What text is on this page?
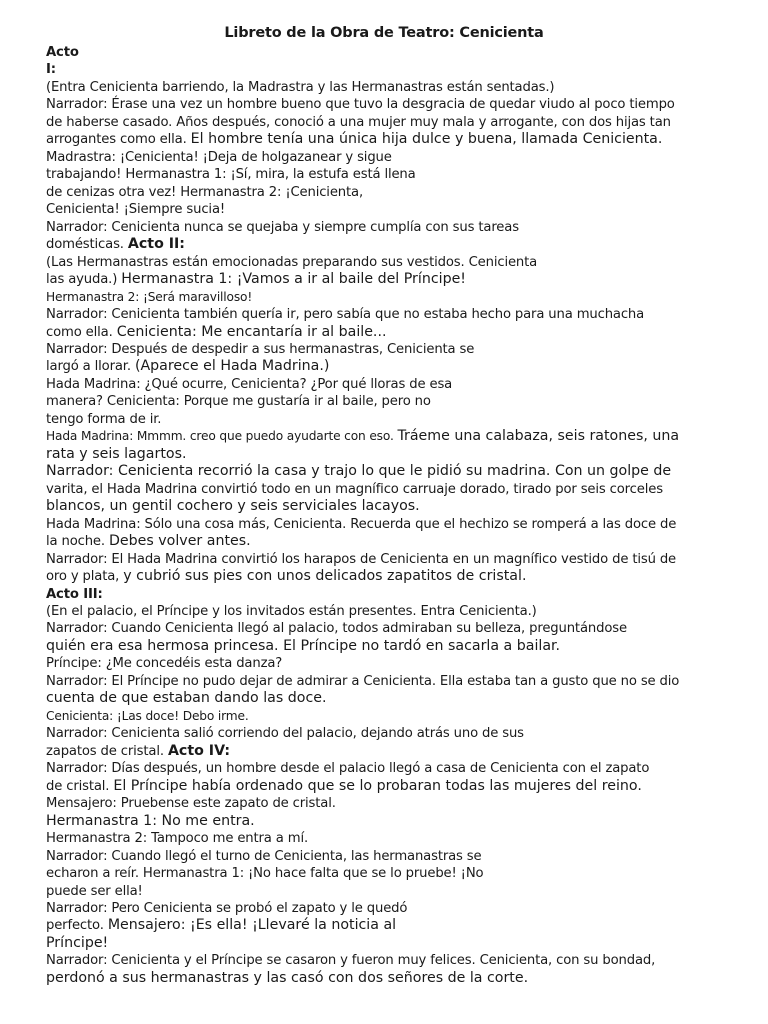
Libreto de la Obra de Teatro: Cenicienta
Acto
I:
(Entra Cenicienta barriendo, la Madrastra y las Hermanastras están sentadas.)
Narrador: Érase una vez un hombre bueno que tuvo la desgracia de quedar viudo al poco tiempo
de haberse casado. Años después, conoció a una mujer muy mala y arrogante, con dos hijas tan
arrogantes como ella. El hombre tenía una única hija dulce y buena, llamada Cenicienta.
Madrastra: ¡Cenicienta! ¡Deja de holgazanear y sigue
trabajando! Hermanastra 1: ¡Sí, mira, la estufa está llena
de cenizas otra vez! Hermanastra 2: ¡Cenicienta,
Cenicienta! ¡Siempre sucia!
Narrador: Cenicienta nunca se quejaba y siempre cumplía con sus tareas
domésticas. Acto II:
(Las Hermanastras están emocionadas preparando sus vestidos. Cenicienta
las ayuda.) Hermanastra 1: ¡Vamos a ir al baile del Príncipe!
Hermanastra 2: ¡Será maravilloso!
Narrador: Cenicienta también quería ir, pero sabía que no estaba hecho para una muchacha
como ella. Cenicienta: Me encantaría ir al baile...
Narrador: Después de despedir a sus hermanastras, Cenicienta se
largó a llorar. (Aparece el Hada Madrina.)
Hada Madrina: ¿Qué ocurre, Cenicienta? ¿Por qué lloras de esa
manera? Cenicienta: Porque me gustaría ir al baile, pero no
tengo forma de ir.
Hada Madrina: Mmmm. creo que puedo ayudarte con eso. Tráeme una calabaza, seis ratones, una
rata y seis lagartos.
Narrador: Cenicienta recorrió la casa y trajo lo que le pidió su madrina. Con un golpe de
varita, el Hada Madrina convirtió todo en un magnífico carruaje dorado, tirado por seis corceles
blancos, un gentil cochero y seis serviciales lacayos.
Hada Madrina: Sólo una cosa más, Cenicienta. Recuerda que el hechizo se romperá a las doce de
la noche. Debes volver antes.
Narrador: El Hada Madrina convirtió los harapos de Cenicienta en un magnífico vestido de tisú de
oro y plata, y cubrió sus pies con unos delicados zapatitos de cristal.
Acto III:
(En el palacio, el Príncipe y los invitados están presentes. Entra Cenicienta.)
Narrador: Cuando Cenicienta llegó al palacio, todos admiraban su belleza, preguntándose
quién era esa hermosa princesa. El Príncipe no tardó en sacarla a bailar.
Príncipe: ¿Me concedéis esta danza?
Narrador: El Príncipe no pudo dejar de admirar a Cenicienta. Ella estaba tan a gusto que no se dio
cuenta de que estaban dando las doce.
Cenicienta: ¡Las doce! Debo irme.
Narrador: Cenicienta salió corriendo del palacio, dejando atrás uno de sus
zapatos de cristal. Acto IV:
Narrador: Días después, un hombre desde el palacio llegó a casa de Cenicienta con el zapato
de cristal. El Príncipe había ordenado que se lo probaran todas las mujeres del reino.
Mensajero: Pruebense este zapato de cristal.
Hermanastra 1: No me entra.
Hermanastra 2: Tampoco me entra a mí.
Narrador: Cuando llegó el turno de Cenicienta, las hermanastras se
echaron a reír. Hermanastra 1: ¡No hace falta que se lo pruebe! ¡No
puede ser ella!
Narrador: Pero Cenicienta se probó el zapato y le quedó
perfecto. Mensajero: ¡Es ella! ¡Llevaré la noticia al
Príncipe!
Narrador: Cenicienta y el Príncipe se casaron y fueron muy felices. Cenicienta, con su bondad,
perdonó a sus hermanastras y las casó con dos señores de la corte.
